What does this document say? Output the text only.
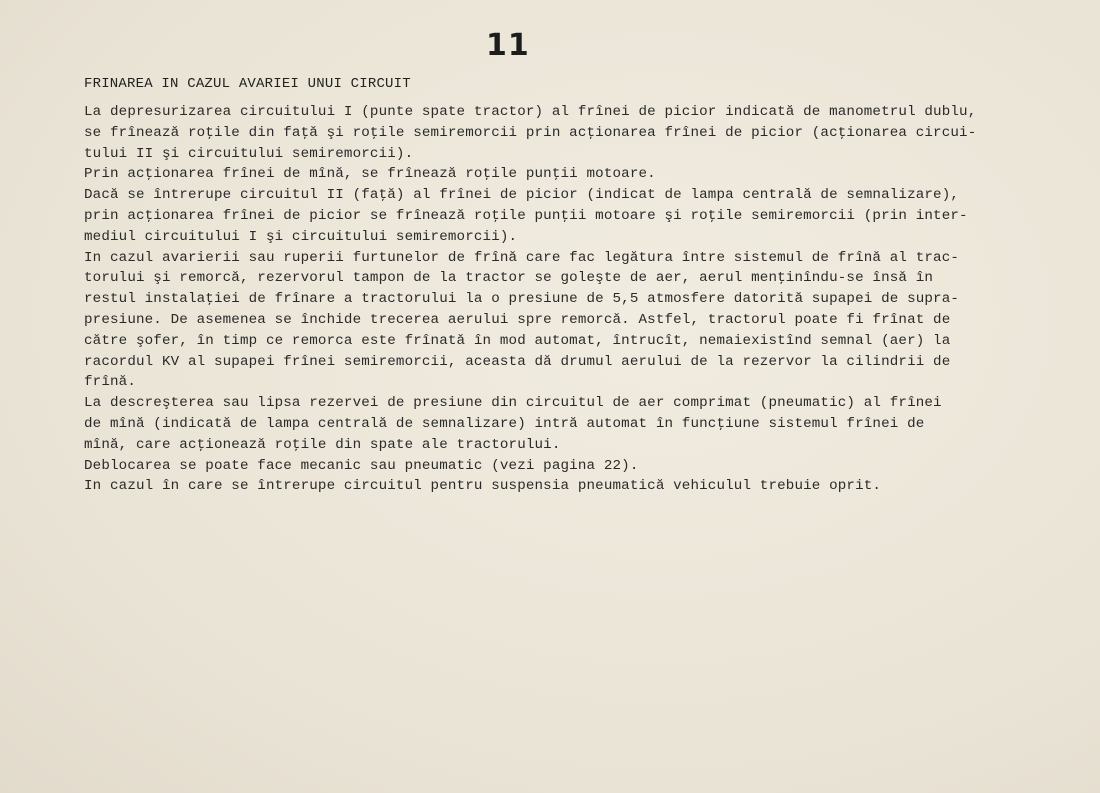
11
FRINAREA IN CAZUL AVARIEI UNUI CIRCUIT
La depresurizarea circuitului I (punte spate tractor) al frînei de picior indicată de manometrul dublu,
se frînează roţile din faţă şi roţile semiremorcii prin acţionarea frînei de picior (acţionarea circui-
tului II şi circuitului semiremorcii).
Prin acţionarea frînei de mînă, se frînează roţile punţii motoare.
Dacă se întrerupe circuitul II (faţă) al frînei de picior (indicat de lampa centrală de semnalizare),
prin acţionarea frînei de picior se frînează roţile punţii motoare şi roţile semiremorcii (prin inter-
mediul circuitului I şi circuitului semiremorcii).
In cazul avarierii sau ruperii furtunelor de frînă care fac legătura între sistemul de frînă al trac-
torului şi remorcă, rezervorul tampon de la tractor se goleşte de aer, aerul menţinîndu-se însă în
restul instalaţiei de frînare a tractorului la o presiune de 5,5 atmosfere datorită supapei de supra-
presiune. De asemenea se închide trecerea aerului spre remorcă. Astfel, tractorul poate fi frînat de
către şofer, în timp ce remorca este frînată în mod automat, întrucît, nemaiexistînd semnal (aer) la
racordul KV al supapei frînei semiremorcii, aceasta dă drumul aerului de la rezervor la cilindrii de
frînă.
La descreşterea sau lipsa rezervei de presiune din circuitul de aer comprimat (pneumatic) al frînei
de mînă (indicată de lampa centrală de semnalizare) intră automat în funcţiune sistemul frînei de
mînă, care acţionează roţile din spate ale tractorului.
Deblocarea se poate face mecanic sau pneumatic (vezi pagina 22).
In cazul în care se întrerupe circuitul pentru suspensia pneumatică vehiculul trebuie oprit.
